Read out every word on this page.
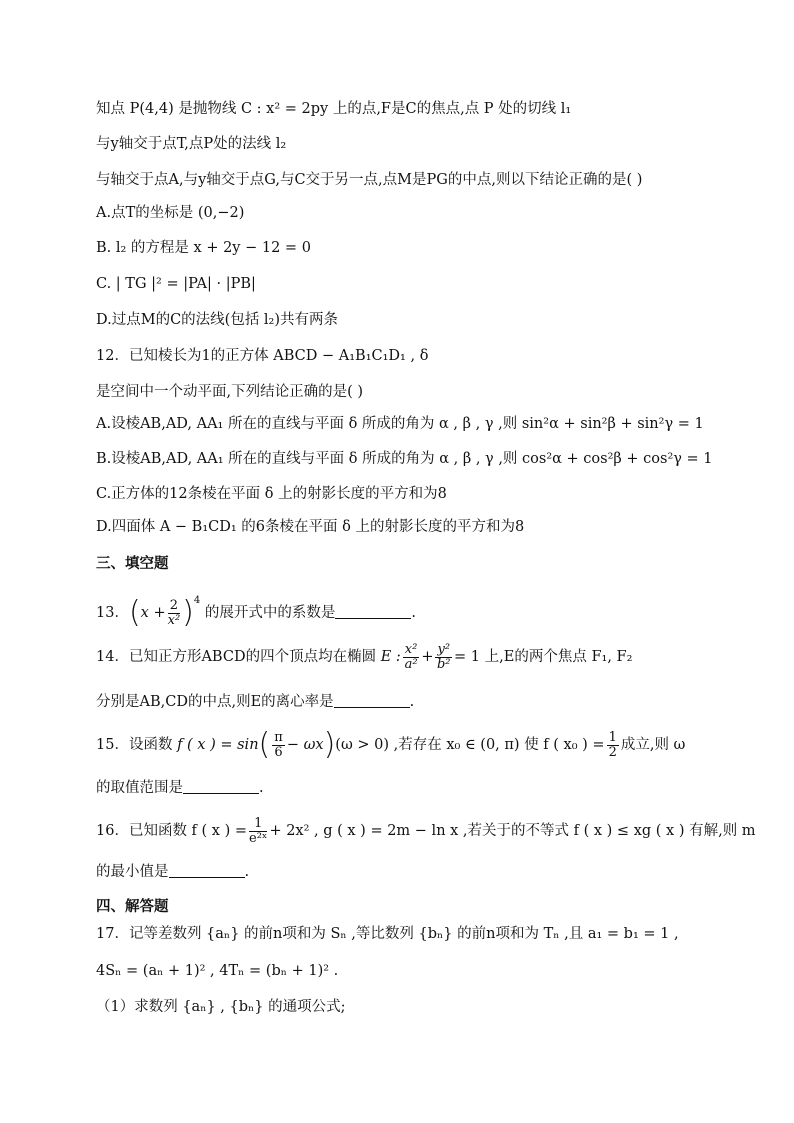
知点 P(4,4) 是抛物线 C : x² = 2py 上的点,F是C的焦点,点 P 处的切线 l₁
与y轴交于点T,点P处的法线 l₂
与轴交于点A,与y轴交于点G,与C交于另一点,点M是PG的中点,则以下结论正确的是( )
A.点T的坐标是 (0,−2)
B. l₂ 的方程是 x + 2y − 12 = 0
C. | TG |² = |PA| · |PB|
D.过点M的C的法线(包括 l₂)共有两条
12．已知棱长为1的正方体 ABCD − A₁B₁C₁D₁ , δ
是空间中一个动平面,下列结论正确的是( )
A.设棱AB,AD, AA₁ 所在的直线与平面 δ 所成的角为 α , β , γ ,则 sin²α + sin²β + sin²γ = 1
B.设棱AB,AD, AA₁ 所在的直线与平面 δ 所成的角为 α , β , γ ,则 cos²α + cos²β + cos²γ = 1
C.正方体的12条棱在平面 δ 上的射影长度的平方和为8
D.四面体 A − B₁CD₁ 的6条棱在平面 δ 上的射影长度的平方和为8
三、填空题
13．$(x + \frac{2}{\text{x²}} )^4$ 的展开式中的系数是	.
14．已知正方形ABCD的四个顶点均在椭圆 E : $\frac{\text{x²}}{\text{a²}} + \frac{\text{y²}}{\text{b²}} = 1$ 上,E的两个焦点 F₁, F₂
分别是AB,CD的中点,则E的离心率是	.
15．设函数 f ( x ) = $\sin( \frac{\pi}{6} - \omega x)(\omega > 0)$ ,若存在 x₀ ∈ (0, π) 使 f ( x₀ ) = $\frac{1}{2}$ 成立,则 ω
的取值范围是	.
16．已知函数 f ( x ) = $\frac{1}{\text{e²ˣ}} + 2x^2$ , g ( x ) = 2m − ln x ,若关于的不等式 f ( x ) ≤ xg ( x ) 有解,则 m
的最小值是	.
四、解答题
17．记等差数列 {aₙ} 的前n项和为 Sₙ ,等比数列 {bₙ} 的前n项和为 Tₙ ,且 a₁ = b₁ = 1 ,
4Sₙ = (aₙ + 1)² , 4Tₙ = (bₙ + 1)² .
（1）求数列 {aₙ} , {bₙ} 的通项公式;
